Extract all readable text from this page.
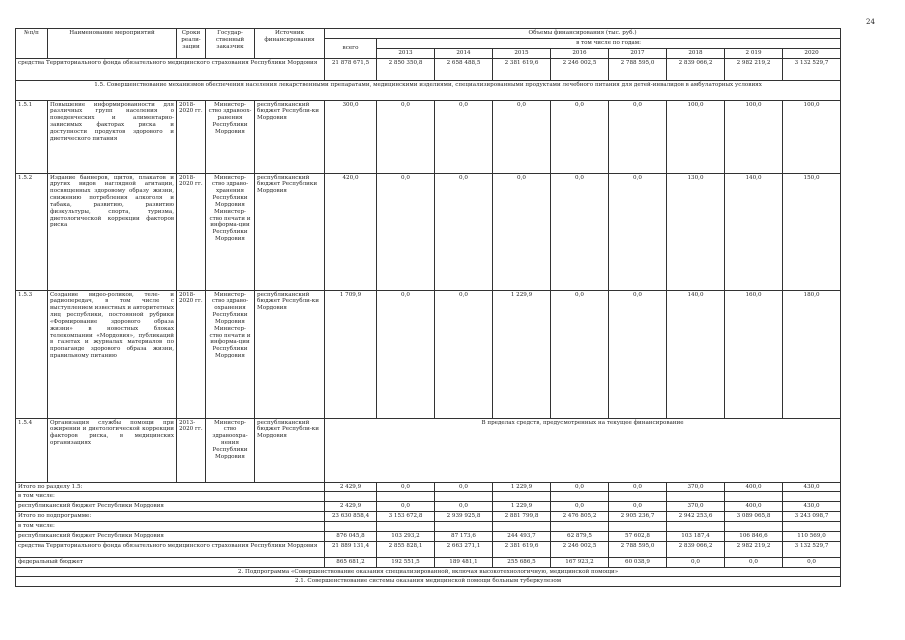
24
№п/п	Наименование мероприятий	Сроки реали-зации	Государ-ственный заказчик	Источник финансирования	Объемы финансирования (тыс. руб.)								
					всего	в том числе по годам:							
						2013	2014	2015	2016	2017	2018	2 019	2020
средства Территориального фонда обязательного медицинского страхования Республики Мордовия					21 878 671,5	2 850 350,8	2 658 488,5	2 381 619,6	2 246 002,5	2 788 595,0	2 839 066,2	2 982 219,2	3 132 529,7
1.5. Совершенствование механизмов обеспечения населения лекарственными препаратами, медицинскими изделиями, специализированными продуктами лечебного питания для детей-инвалидов в амбулаторных условиях													
1.5.1	Повышение информированности для различных групп населения о поведенческих и алиментарно-зависимых факторах риска и доступности продуктов здорового и диетического питания	2018-2020 гг.	Министер-ство здравоох-ранения Республики Мордовия	республиканский бюджет Республи-ки Мордовия	300,0	0,0	0,0	0,0	0,0	0,0	100,0	100,0	100,0
1.5.2	Издание баннеров, щитов, плакатов и других видов наглядной агитации, посвященных здоровому образу жизни, снижению потребления алкоголя и табака, развитию, развитию физкультуры, спорта, туризма, диетологической коррекции факторов риска	2018-2020 гг.	Министер-ство здраво-хранения Республики Мордовия Министер-ство печати и информа-ции Республики Мордовия	республиканский бюджет Республики Мордовия	420,0	0,0	0,0	0,0	0,0	0,0	130,0	140,0	150,0
1.5.3	Создание видео-роликов, теле- и радиопередач, в том числе с выступлением известных и авторитетных лиц республики, постоянной рубрики «Формирование здорового образа жизни» в новостных блоках телекомпании «Мордовия», публикаций в газетах и журналах материалов по пропаганде здорового образа жизни, правильному питанию	2018-2020 гг.	Министер-ство здраво-охранения Республики Мордовия Министер-ство печати и информа-ции Республики Мордовия	республиканский бюджет Республи-ки Мордовия	1 709,9	0,0	0,0	1 229,9	0,0	0,0	140,0	160,0	180,0
1.5.4	Организация службы помощи при ожирении и диетологической коррекции факторов риска, в медицинских организациях	2013-2020 гг.	Министер-ство здравоохра-нения Республики Мордовия	республиканский бюджет Республи-ки Мордовия	В пределах средств, предусмотренных на текущее финансирование								
Итого по разделу 1.5:					2 429,9	0,0	0,0	1 229,9	0,0	0,0	370,0	400,0	430,0
в том числе:													
республиканский бюджет Республики Мордовия					2 429,9	0,0	0,0	1 229,9	0,0	0,0	370,0	400,0	430,0
Итого по подпрограмме:					23 630 858,4	3 153 672,8	2 939 925,8	2 881 799,8	2 476 805,2	2 905 236,7	2 942 253,6	3 089 065,8	3 243 098,7
в том числе:													
республиканский бюджет Республики Мордовия					876 045,8	103 293,2	87 173,6	244 493,7	62 879,5	57 602,8	103 187,4	106 846,6	110 569,0
средства Территориального фонда обязательного медицинского страхования Республики Мордовия					21 889 131,4	2 855 828,1	2 663 271,1	2 381 619,6	2 246 002,5	2 788 595,0	2 839 066,2	2 982 219,2	3 132 529,7
федеральный бюджет					865 681,2	192 551,5	189 481,1	255 686,5	167 923,2	60 038,9	0,0	0,0	0,0
2. Подпрограмма «Совершенствование оказания специализированной, включая высокотехнологичную, медицинской помощи»													
2.1. Совершенствование системы оказания медицинской помощи больным туберкулезом													
